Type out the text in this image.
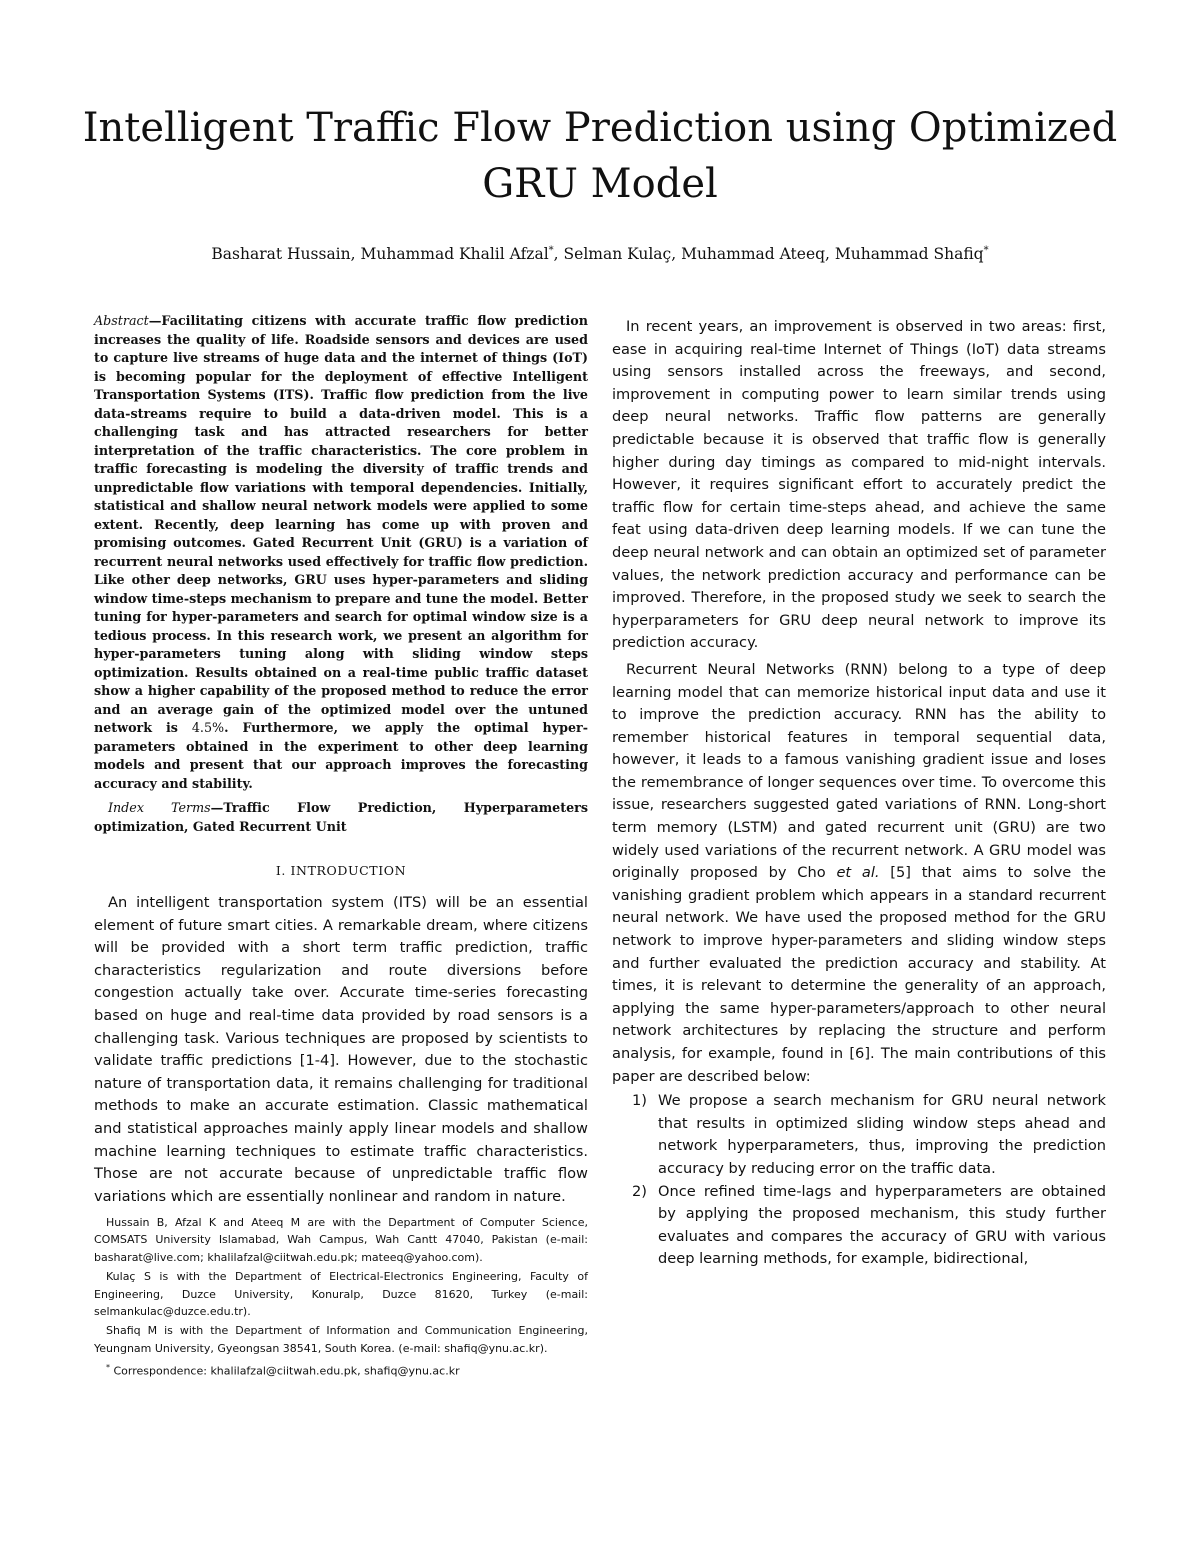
Intelligent Traffic Flow Prediction using Optimized
GRU Model

Basharat Hussain, Muhammad Khalil Afzal*, Selman Kulaç, Muhammad Ateeq, Muhammad Shafiq*

Abstract—Facilitating citizens with accurate traffic flow prediction increases the quality of life. Roadside sensors and devices are used to capture live streams of huge data and the internet of things (IoT) is becoming popular for the deployment of effective Intelligent Transportation Systems (ITS). Traffic flow prediction from the live data-streams require to build a data-driven model. This is a challenging task and has attracted researchers for better interpretation of the traffic characteristics. The core problem in traffic forecasting is modeling the diversity of traffic trends and unpredictable flow variations with temporal dependencies. Initially, statistical and shallow neural network models were applied to some extent. Recently, deep learning has come up with proven and promising outcomes. Gated Recurrent Unit (GRU) is a variation of recurrent neural networks used effectively for traffic flow prediction. Like other deep networks, GRU uses hyper-parameters and sliding window time-steps mechanism to prepare and tune the model. Better tuning for hyper-parameters and search for optimal window size is a tedious process. In this research work, we present an algorithm for hyper-parameters tuning along with sliding window steps optimization. Results obtained on a real-time public traffic dataset show a higher capability of the proposed method to reduce the error and an average gain of the optimized model over the untuned network is 4.5%. Furthermore, we apply the optimal hyper-parameters obtained in the experiment to other deep learning models and present that our approach improves the forecasting accuracy and stability.

Index Terms—Traffic Flow Prediction, Hyperparameters optimization, Gated Recurrent Unit

I. INTRODUCTION

An intelligent transportation system (ITS) will be an essential element of future smart cities. A remarkable dream, where citizens will be provided with a short term traffic prediction, traffic characteristics regularization and route diversions before congestion actually take over. Accurate time-series forecasting based on huge and real-time data provided by road sensors is a challenging task. Various techniques are proposed by scientists to validate traffic predictions [1-4]. However, due to the stochastic nature of transportation data, it remains challenging for traditional methods to make an accurate estimation. Classic mathematical and statistical approaches mainly apply linear models and shallow machine learning techniques to estimate traffic characteristics. Those are not accurate because of unpredictable traffic flow variations which are essentially nonlinear and random in nature.

In recent years, an improvement is observed in two areas: first, ease in acquiring real-time Internet of Things (IoT) data streams using sensors installed across the freeways, and second, improvement in computing power to learn similar trends using deep neural networks. Traffic flow patterns are generally predictable because it is observed that traffic flow is generally higher during day timings as compared to mid-night intervals. However, it requires significant effort to accurately predict the traffic flow for certain time-steps ahead, and achieve the same feat using data-driven deep learning models. If we can tune the deep neural network and can obtain an optimized set of parameter values, the network prediction accuracy and performance can be improved. Therefore, in the proposed study we seek to search the hyperparameters for GRU deep neural network to improve its prediction accuracy.

Recurrent Neural Networks (RNN) belong to a type of deep learning model that can memorize historical input data and use it to improve the prediction accuracy. RNN has the ability to remember historical features in temporal sequential data, however, it leads to a famous vanishing gradient issue and loses the remembrance of longer sequences over time. To overcome this issue, researchers suggested gated variations of RNN. Long-short term memory (LSTM) and gated recurrent unit (GRU) are two widely used variations of the recurrent network. A GRU model was originally proposed by Cho et al. [5] that aims to solve the vanishing gradient problem which appears in a standard recurrent neural network. We have used the proposed method for the GRU network to improve hyper-parameters and sliding window steps and further evaluated the prediction accuracy and stability. At times, it is relevant to determine the generality of an approach, applying the same hyper-parameters/approach to other neural network architectures by replacing the structure and perform analysis, for example, found in [6]. The main contributions of this paper are described below:

1) We propose a search mechanism for GRU neural network that results in optimized sliding window steps ahead and network hyperparameters, thus, improving the prediction accuracy by reducing error on the traffic data.
2) Once refined time-lags and hyperparameters are obtained by applying the proposed mechanism, this study further evaluates and compares the accuracy of GRU with various deep learning methods, for example, bidirectional,

Hussain B, Afzal K and Ateeq M are with the Department of Computer Science, COMSATS University Islamabad, Wah Campus, Wah Cantt 47040, Pakistan (e-mail: basharat@live.com; khalilafzal@ciitwah.edu.pk; mateeq@yahoo.com).

Kulaç S is with the Department of Electrical-Electronics Engineering, Faculty of Engineering, Duzce University, Konuralp, Duzce 81620, Turkey (e-mail: selmankulac@duzce.edu.tr).

Shafiq M is with the Department of Information and Communication Engineering, Yeungnam University, Gyeongsan 38541, South Korea. (e-mail: shafiq@ynu.ac.kr).

* Correspondence: khalilafzal@ciitwah.edu.pk, shafiq@ynu.ac.kr
